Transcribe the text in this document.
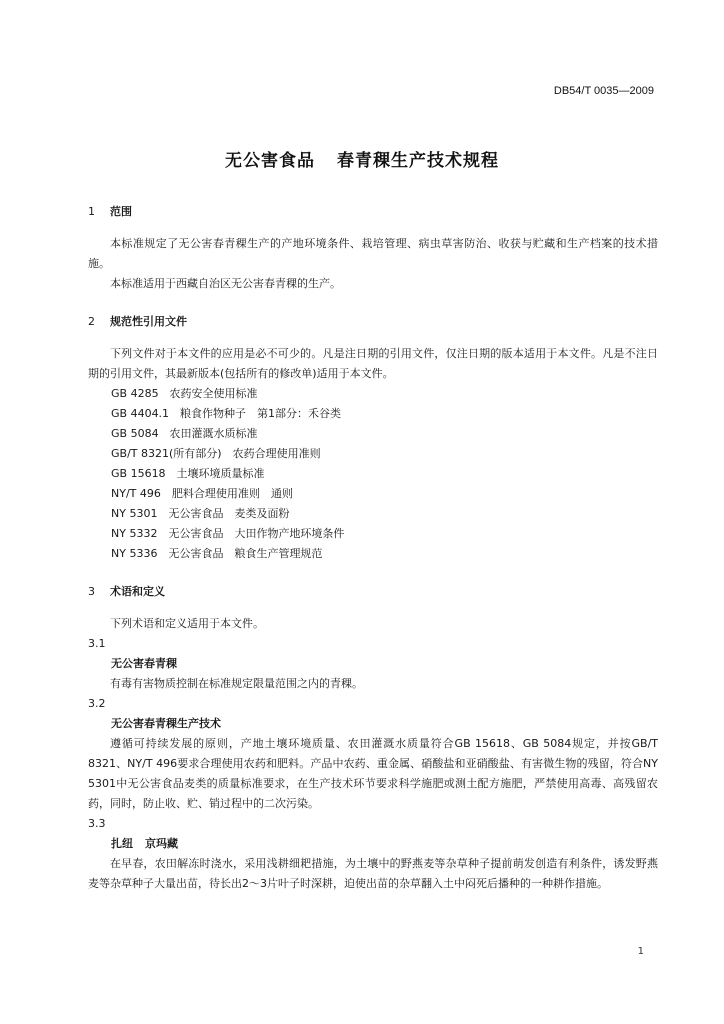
DB54/T 0035—2009
无公害食品 春青稞生产技术规程
1 范围

本标准规定了无公害春青稞生产的产地环境条件、栽培管理、病虫草害防治、收获与贮藏和生产档案的技术措施。

本标准适用于西藏自治区无公害春青稞的生产。

2 规范性引用文件

下列文件对于本文件的应用是必不可少的。凡是注日期的引用文件，仅注日期的版本适用于本文件。凡是不注日期的引用文件，其最新版本(包括所有的修改单)适用于本文件。

GB 4285　农药安全使用标准
GB 4404.1　粮食作物种子　第1部分：禾谷类
GB 5084　农田灌溉水质标准
GB/T 8321(所有部分)　农药合理使用准则
GB 15618　土壤环境质量标准
NY/T 496　肥料合理使用准则　通则
NY 5301　无公害食品　麦类及面粉
NY 5332　无公害食品　大田作物产地环境条件
NY 5336　无公害食品　粮食生产管理规范
3 术语和定义

下列术语和定义适用于本文件。

3.1
无公害春青稞

有毒有害物质控制在标准规定限量范围之内的青稞。

3.2
无公害春青稞生产技术

遵循可持续发展的原则，产地土壤环境质量、农田灌溉水质量符合GB 15618、GB 5084规定，并按GB/T 8321、NY/T 496要求合理使用农药和肥料。产品中农药、重金属、硝酸盐和亚硝酸盐、有害微生物的残留，符合NY 5301中无公害食品麦类的质量标准要求，在生产技术环节要求科学施肥或测土配方施肥，严禁使用高毒、高残留农药，同时，防止收、贮、销过程中的二次污染。

3.3
扎纽 京玛藏

在早春，农田解冻时浇水，采用浅耕细耙措施，为土壤中的野燕麦等杂草种子提前萌发创造有利条件，诱发野燕麦等杂草种子大量出苗，待长出2～3片叶子时深耕，迫使出苗的杂草翻入土中闷死后播种的一种耕作措施。

1
